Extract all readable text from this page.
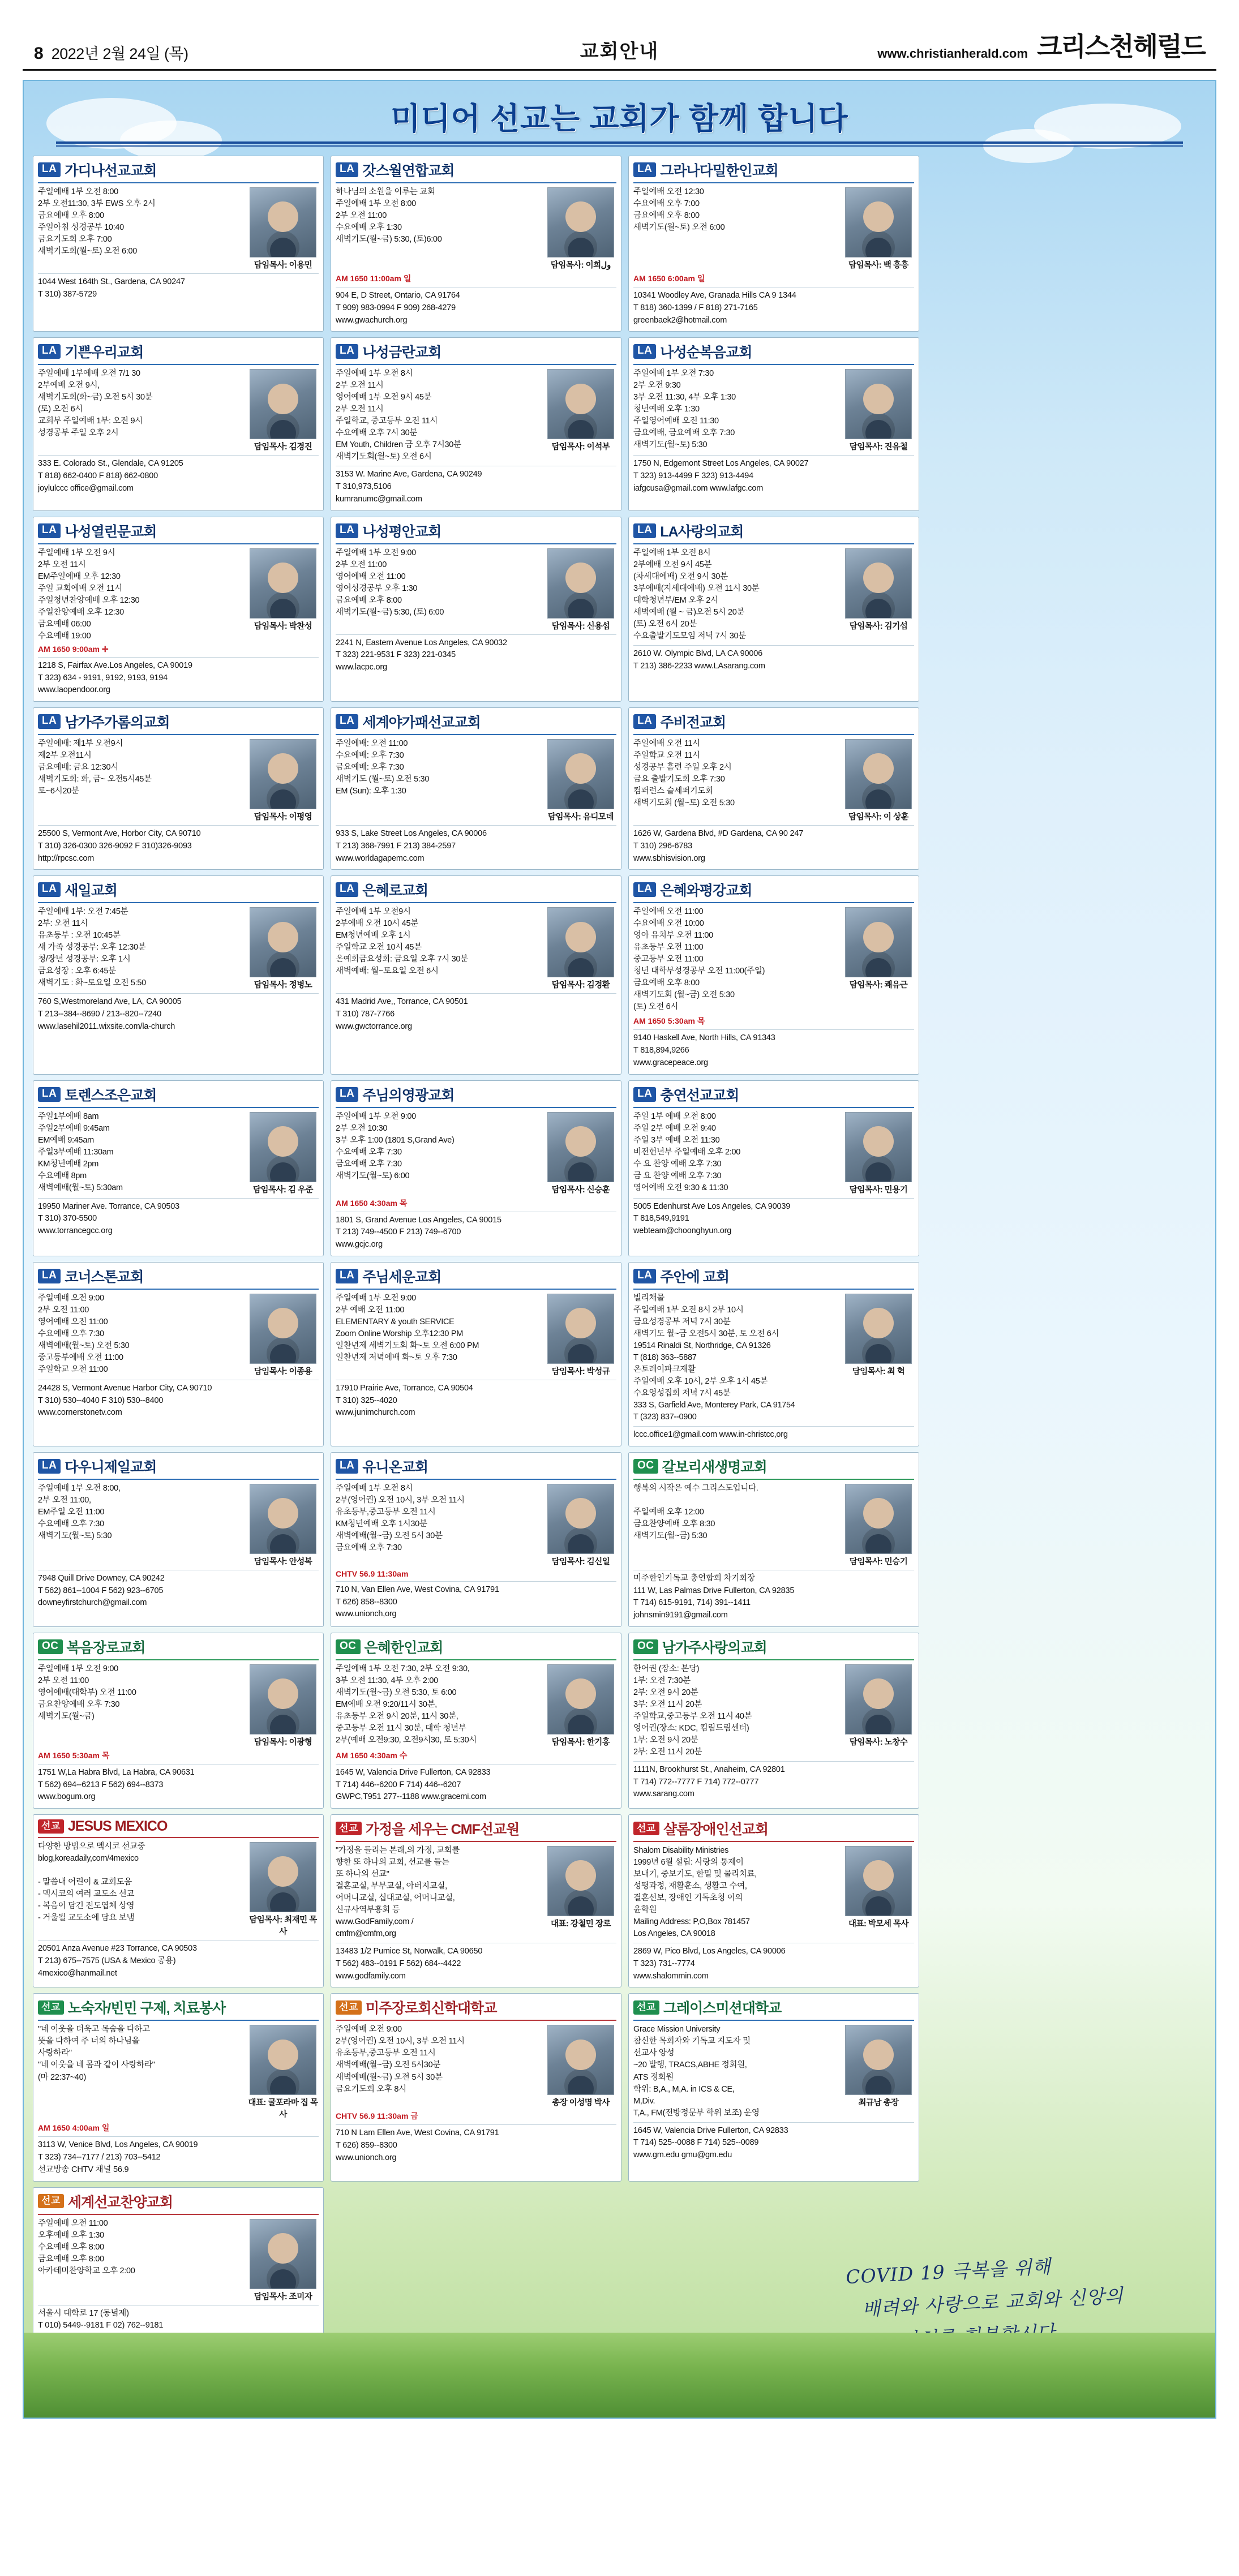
8 2022년 2월 24일 (목)	교회안내	www.christianherald.com 크리스천헤럴드
미디어 선교는 교회가 함께 합니다
LA 가디나선교교회
주일예배 1부 오전 8:00
2부 오전11:30, 3부 EWS 오후 2시
금요예배 오후 8:00
주일아침 성경공부 10:40
금요기도회 오후 7:00
새벽기도회(월~토) 오전 6:00
담임목사: 이용민
1044 West 164th St., Gardena, CA 90247
T 310) 387-5729
LA 갓스월연합교회
하나님의 소원을 이루는 교회
주일예배 1부 오전 8:00
2부 오전 11:00
수요예배 오후 1:30
새벽기도(월~금) 5:30, (토)6:00
담임목사: 이희ول
AM 1650 11:00am 일
904 E, D Street, Ontario, CA 91764
T 909) 983-0994 F 909) 268-4279
www.gwachurch.org
LA 그라나다밀한인교회
주일예배 오전 12:30
수요예배 오후 7:00
금요예배 오후 8:00
새벽기도(월~토) 오전 6:00
담임목사: 백 흥흥
AM 1650 6:00am 일
10341 Woodley Ave, Granada Hills CA 9 1344
T 818) 360-1399 / F 818) 271-7165
greenbaek2@hotmail.com
LA 기쁜우리교회
주일예배 1부예배 오전 7/1 30
2부예배 오전 9시,
새벽기도회(화~금) 오전 5시 30분
(토) 오전 6시
교회부 주일예배 1부: 오전 9시
성경공부 주일 오후 2시
담임목사: 김경진
333 E. Colorado St., Glendale, CA 91205
T 818) 662-0400 F 818) 662-0800
joylulccc office@gmail.com
LA 나성금란교회
주일예배 1부 오전 8시
2부 오전 11시
영어예배 1부 오전 9시 45분
2부 오전 11시
주일학교, 중고등부 오전 11시
수요예배 오후 7시 30분
EM Youth, Children 금 오후 7시30분
새벽기도회(월~토) 오전 6시
담임목사: 이석부
3153 W. Marine Ave, Gardena, CA 90249
T 310,973,5106
kumranumc@gmail.com
LA 나성순복음교회
주일예배 1부 오전 7:30
2부 오전 9:30
3부 오전 11:30, 4부 오후 1:30
청년예배 오후 1:30
주일영어예배 오전 11:30
금요예배, 금요예배 오후 7:30
새벽기도(월~토) 5:30	담임목사: 진유철
1750 N, Edgemont Street Los Angeles, CA 90027
T 323) 913-4499 F 323) 913-4494
iafgcusa@gmail.com www.lafgc.com
LA 나성열린문교회
주일예배 1부 오전 9시
2부 오전 11시
EM주일예배 오후 12:30
주일 교회예배 오전 11시
주일청년찬양예배 오후 12:30
주일찬양예배 오후 12:30
금요예배 06:00
수요예배 19:00
담임목사: 박찬성
AM 1650 9:00am ✛
1218 S, Fairfax Ave.Los Angeles, CA 90019
T 323) 634 - 9191, 9192, 9193, 9194
www.laopendoor.org
LA 나성평안교회
주일예배 1부 오전 9:00
2부 오전 11:00
영어예배 오전 11:00
영어성경공부 오후 1:30
금요예배 오후 8:00
새벽기도(월~금) 5:30, (토) 6:00
담임목사: 신용섭
2241 N, Eastern Avenue Los Angeles, CA 90032
T 323) 221-9531 F 323) 221-0345
www.lacpc.org
LA LA사랑의교회
주일예배 1부 오전 8시
2부예배 오전 9시 45분
(차세대예배) 오전 9시 30분
3부예배(지세대예배) 오전 11시 30분
대학청년부/EM 오후 2시
새벽예배 (월 ~ 금)오전 5시 20분
(토) 오전 6시 20분
수요출발기도모임 저녁 7시 30분
담임목사: 김기섭
2610 W. Olympic Blvd, LA CA 90006
T 213) 386-2233 www.LAsarang.com
LA 남가주가롬의교회
주일예배: 제1부 오전9시
제2부 오전11시
금요예배: 금요 12:30시
새벽기도회: 화, 금~ 오전5시45분
토~6시20분
담임목사: 이평영
25500 S, Vermont Ave, Horbor City, CA 90710
T 310) 326-0300 326-9092 F 310)326-9093
http://rpcsc.com
LA 세계야가패선교교회
주일예배: 오전 11:00
수요예배: 오후 7:30
금요예배: 오후 7:30
새벽기도 (월~토) 오전 5:30
EM (Sun): 오후 1:30
담임목사: 유디모데
933 S, Lake Street Los Angeles, CA 90006
T 213) 368-7991 F 213) 384-2597
www.worldagapemc.com
LA 주비전교회
주일예배 오전 11시
주일학교 오전 11시
성경공부 흠련 주일 오후 2시
금요 출발기도회 오후 7:30
컴퍼런스 슬세퍼기도회
새벽기도회 (월~토) 오전 5:30
담임목사: 이 상훈
1626 W, Gardena Blvd, #D Gardena, CA 90 247
T 310) 296-6783
www.sbhisvision.org
LA 새일교회
주일예배 1부: 오전 7:45분
2부: 오전 11시
유초등부 : 오전 10:45분
새 가족 성경공부: 오후 12:30분
청/장년 성경공부: 오후 1시
금요성장 : 오후 6:45분
새벽기도 : 화~토요일 오전 5:50	담임목사: 정병노
760 S,Westmoreland Ave, LA, CA 90005
T 213--384--8690 / 213--820--7240
www.lasehil2011.wixsite.com/la-church
LA 은혜로교회
주일예배 1부 오전9시
2부예배 오전 10시 45분
EM청년예배 오후 1시
주일학교 오전 10시 45분
온예회금요성회: 금요일 오후 7시 30분
새벽예배: 월~토요일 오전 6시
담임목사: 김경환
431 Madrid Ave,, Torrance, CA 90501
T 310) 787-7766
www.gwctorrance.org
LA 은혜와평강교회
주일예배 오전 11:00
수요예배 오전 10:00
영아 유치부 오전 11:00
유초등부 오전 11:00
중고등부 오전 11:00
청년 대학부성경공부 오전 11:00(주일)
금요예배 오후 8:00
새벽기도회 (월~금) 오전 5:30
(토) 오전 6시
담임목사: 쾌유근
AM 1650 5:30am 목
9140 Haskell Ave, North Hills, CA 91343
T 818,894,9266
www.gracepeace.org
LA 토렌스조은교회
주일1부예배 8am
주일2부예배 9:45am
EM예배 9:45am
주일3부예배 11:30am
KM청년예배 2pm
수요예배 8pm
새벽예배(월~토) 5:30am	담임목사: 김 우준
19950 Mariner Ave. Torrance, CA 90503
T 310) 370-5500
www.torrancegcc.org
LA 주님의영광교회
주일예배 1부 오전 9:00
2부 오전 10:30
3부 오후 1:00 (1801 S,Grand Ave)
수요예배 오후 7:30
금요예배 오후 7:30
새벽기도(월~토) 6:00
담임목사: 신승훈
AM 1650 4:30am 목
1801 S, Grand Avenue Los Angeles, CA 90015
T 213) 749--4500 F 213) 749--6700
www.gcjc.org
LA 충연선교교회
주일 1부 예배 오전 8:00
주일 2부 예배 오전 9:40
주일 3부 예배 오전 11:30
비전헌년부 주일예배 오후 2:00
수 요 찬양 예배 오후 7:30
금 요 찬양 예배 오후 7:30
영어예배 오전 9:30 & 11:30	담임목사: 민용기
5005 Edenhurst Ave Los Angeles, CA 90039
T 818,549,9191
webteam@choonghyun.org
LA 코너스톤교회
주일예배 오전 9:00
2부 오전 11:00
영어예배 오전 11:00
수요예배 오후 7:30
새벽예배(월~토) 오전 5:30
중고등부예배 오전 11:00
주일학교 오전 11:00	담임목사: 이종용
24428 S, Vermont Avenue Harbor City, CA 90710
T 310) 530--4040 F 310) 530--8400
www.cornerstonetv.com
LA 주님세운교회
주일예배 1부 오전 9:00
2부 예배 오전 11:00
ELEMENTARY & youth SERVICE
Zoom Online Worship 오후12:30 PM
일찬년제 세벽기도회 화~토 오전 6:00 PM
일찬년제 저녁예배 화~토 오후 7:30
담임목사: 박성규
17910 Prairie Ave, Torrance, CA 90504
T 310) 325--4020
www.junimchurch.com
LA 주안에 교회
빌리채물
주일예배 1부 오전 8시 2부 10시
금요성경공부 저녁 7시 30분
새벽기도 월~금 오전5시 30분, 토 오전 6시
19514 Rinaldi St, Northridge, CA 91326
T (818) 363--5887
온토레이파크재활
주일예배 오후 10시, 2부 오후 1시 45분
수요영성집회 저녁 7시 45분
333 S, Garfield Ave, Monterey Park, CA 91754
T (323) 837--0900
담임목사: 최 혁
lccc.office1@gmail.com www.in-christcc,org
LA 다우니제일교회
주일예배 1부 오전 8:00,
2부 오전 11:00,
EM주일 오전 11:00
수요예배 오후 7:30
새벽기도(월~토) 5:30
담임목사: 안성복
7948 Quill Drive Downey, CA 90242
T 562) 861--1004 F 562) 923--6705
downeyfirstchurch@gmail.com
LA 유니온교회
주일예배 1부 오전 8시
2부(영어권) 오전 10시, 3부 오전 11시
유초등부,중고등부 오전 11시
KM청년예배 오후 1시30분
새벽예배(월~금) 오전 5시 30분
금요예배 오후 7:30
담임목사: 김신일
CHTV 56.9 11:30am
710 N, Van Ellen Ave, West Covina, CA 91791
T 626) 858--8300
www.unionch,org
OC 갈보리새생명교회
행복의 시작은 예수 그리스도입니다.

주일예배 오후 12:00
금요찬양예배 오후 8:30
새벽기도(월~금) 5:30
담임목사: 민승기
미주한인기독교 총연합회 차기회장
111 W, Las Palmas Drive Fullerton, CA 92835
T 714) 615-9191, 714) 391--1411
johnsmin9191@gmail.com
OC 복음장로교회
주일예배 1부 오전 9:00
2부 오전 11:00
영어예배(대학부) 오전 11:00
금요찬양예배 오후 7:30
새벽기도(월~금)
담임목사: 이광형
AM 1650 5:30am 목
1751 W,La Habra Blvd, La Habra, CA 90631
T 562) 694--6213 F 562) 694--8373
www.bogum.org
OC 은혜한인교회
주일예배 1부 오전 7:30, 2부 오전 9:30,
3부 오전 11:30, 4부 오후 2:00
새벽기도(월~금) 오전 5:30, 토 6:00
EM예배 오전 9:20/11시 30분,
유초등부 오전 9시 20분, 11시 30분,
중고등부 오전 11시 30분, 대학 청년부
2부(예배 오전9:30, 오전9시30, 토 5:30시	담임목사: 한기홍
AM 1650 4:30am 수
1645 W, Valencia Drive Fullerton, CA 92833
T 714) 446--6200 F 714) 446--6207
GWPC,T951 277--1188 www.gracemi.com
OC 남가주사랑의교회
한어권 (장소: 본당)
1부: 오전 7:30분
2부: 오전 9시 20분
3부: 오전 11시 20분
주일학교,중고등부 오전 11시 40분
영어권(장소: KDC, 킴림드림센터)
1부: 오전 9시 20분
2부: 오전 11시 20분
담임목사: 노창수
1111N, Brookhurst St., Anaheim, CA 92801
T 714) 772--7777 F 714) 772--0777
www.sarang.com
선교 JESUS MEXICO
다양한 방법으로 멕시코 선교중
blog,koreadaily,com/4mexico

- 말씀내 어린이 & 교회도움
- 멕시코의 여러 교도소 선교
- 복음이 담긴 전도엽체 상영
- 거울될 교도소에 담요 보냄	담임목사: 최재민 목사
20501 Anza Avenue #23 Torrance, CA 90503
T 213) 675--7575 (USA & Mexico 공용)
4mexico@hanmail.net
선교 가정을 세우는 CMF선교원
"가정을 들리는 본래,의 가정, 교회를
향한 또 하나의 교회, 선교를 들는
또 하나의 선교"
결혼교실, 부부교실, 아버지교실,
어머니교실, 십대교실, 어머니교실,
신규사역부흥회 등
www.GodFamily,com /
cmfm@cmfm,org
대표: 강철민 장로
13483 1/2 Pumice St, Norwalk, CA 90650
T 562) 483--0191 F 562) 684--4422
www.godfamily.com
선교 샬롬장애인선교회
Shalom Disability Ministries
1999년 6월 설립: 사랑의 통제이
보내기, 중보기도, 한밀 및 물리치료,
성평과정, 재활훈소, 생활고 수여,
결혼선보, 장애인 기독초청 이의
윤학원
Mailing Address: P,O,Box 781457
Los Angeles, CA 90018
대표: 박모세 목사
2869 W, Pico Blvd, Los Angeles, CA 90006
T 323) 731--7774
www.shalommin.com
선교 노숙자/빈민 구제, 치료봉사
"네 이웃을 더욱고 목숨을 다하고
뜻을 다하여 주 너의 하나님을
사랑하라"
"네 이웃을 네 몸과 같이 사랑하라"
(마 22:37~40)
대표: 굴포라마 집 목사
AM 1650 4:00am 일
3113 W, Venice Blvd, Los Angeles, CA 90019
T 323) 734--7177 / 213) 703--5412
선교방송 CHTV 채널 56.9
선교 미주장로회신학대학교
주일예배 오전 9:00
2부(영어권) 오전 10시, 3부 오전 11시
유초등부,중고등부 오전 11시
새벽예배(월~금) 오전 5시30분
새벽예배(월~금) 오전 5시 30분
금요기도회 오후 8시
총장 이성명 박사
CHTV 56.9 11:30am 금
710 N Lam Ellen Ave, West Covina, CA 91791
T 626) 859--8300
www.unionch.org
선교 그레이스미션대학교
Grace Mission University
참신한 목회자와 기독교 지도자 및
선교사 양성
~20 발행, TRACS,ABHE 정회원,
ATS 정회원
학위: B,A., M,A. in ICS & CE,
M,Div.
T,A., FM(전방정문부 학위 보조) 운영
최규남 총장
1645 W, Valencia Drive Fullerton, CA 92833
T 714) 525--0088 F 714) 525--0089
www.gm.edu gmu@gm.edu
선교 세계선교찬양교회
주일예배 오전 11:00
오후예배 오후 1:30
수요예배 오후 8:00
금요예배 오후 8:00
아카데미찬양학교 오후 2:00
담임목사: 조미자
서울시 대학로 17 (동녘제)
T 010) 5449--9181 F 02) 762--9181

COVID 19 극복을 위해
배려와 사랑으로 교회와 신앙의
